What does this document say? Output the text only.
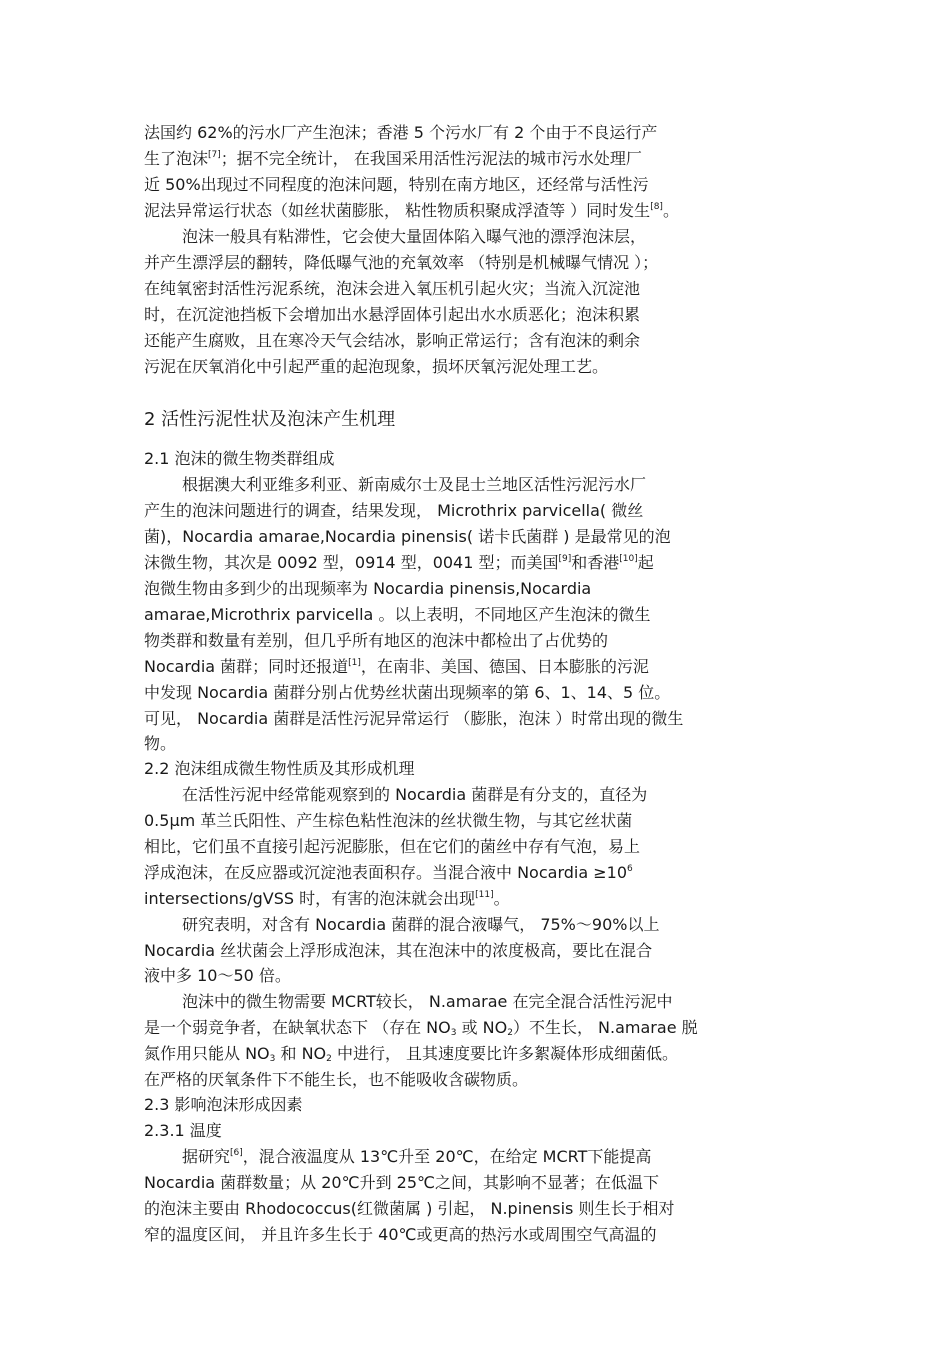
法国约 62%的污水厂产生泡沫；香港 5 个污水厂有 2 个由于不良运行产
生了泡沫[7]；据不完全统计， 在我国采用活性污泥法的城市污水处理厂
近 50%出现过不同程度的泡沫问题，特别在南方地区，还经常与活性污
泥法异常运行状态（如丝状菌膨胀， 粘性物质积聚成浮渣等 ）同时发生[8]。
泡沫一般具有粘滞性，它会使大量固体陷入曝气池的漂浮泡沫层，
并产生漂浮层的翻转，降低曝气池的充氧效率 （特别是机械曝气情况 ）；
在纯氧密封活性污泥系统，泡沫会进入氧压机引起火灾；当流入沉淀池
时，在沉淀池挡板下会增加出水悬浮固体引起出水水质恶化；泡沫积累
还能产生腐败，且在寒冷天气会结冰，影响正常运行；含有泡沫的剩余
污泥在厌氧消化中引起严重的起泡现象，损坏厌氧污泥处理工艺。
2 活性污泥性状及泡沫产生机理
2.1 泡沫的微生物类群组成
根据澳大利亚维多利亚、新南威尔士及昆士兰地区活性污泥污水厂
产生的泡沫问题进行的调查，结果发现， Microthrix parvicella( 微丝
菌)，Nocardia amarae,Nocardia pinensis( 诺卡氏菌群 ) 是最常见的泡
沫微生物，其次是 0092 型，0914 型，0041 型；而美国[9]和香港[10]起
泡微生物由多到少的出现频率为 Nocardia pinensis,Nocardia
amarae,Microthrix parvicella 。以上表明，不同地区产生泡沫的微生
物类群和数量有差别，但几乎所有地区的泡沫中都检出了占优势的
Nocardia 菌群；同时还报道[1]，在南非、美国、德国、日本膨胀的污泥
中发现 Nocardia 菌群分别占优势丝状菌出现频率的第 6、1、14、5 位。
可见， Nocardia 菌群是活性污泥异常运行 （膨胀，泡沫 ）时常出现的微生
物。
2.2 泡沫组成微生物性质及其形成机理
在活性污泥中经常能观察到的 Nocardia 菌群是有分支的，直径为
0.5μm 革兰氏阳性、产生棕色粘性泡沫的丝状微生物，与其它丝状菌
相比，它们虽不直接引起污泥膨胀，但在它们的菌丝中存有气泡，易上
浮成泡沫，在反应器或沉淀池表面积存。当混合液中 Nocardia $\ge 10^6$
intersections/gVSS 时，有害的泡沫就会出现[11]。
研究表明，对含有 Nocardia 菌群的混合液曝气， 75%～90%以上
Nocardia 丝状菌会上浮形成泡沫，其在泡沫中的浓度极高，要比在混合
液中多 10～50 倍。
泡沫中的微生物需要 MCRT较长， N.amarae 在完全混合活性污泥中
是一个弱竞争者，在缺氧状态下 （存在 $NO_3$ 或 $NO_2$）不生长， N.amarae 脱
氮作用只能从 $NO_3$ 和 $NO_2$ 中进行， 且其速度要比许多絮凝体形成细菌低。
在严格的厌氧条件下不能生长，也不能吸收含碳物质。
2.3 影响泡沫形成因素
2.3.1 温度
据研究[6]，混合液温度从 13℃升至 20℃，在给定 MCRT下能提高
Nocardia 菌群数量；从 20℃升到 25℃之间，其影响不显著；在低温下
的泡沫主要由 Rhodococcus(红微菌属 ) 引起， N.pinensis 则生长于相对
窄的温度区间， 并且许多生长于 40℃或更高的热污水或周围空气高温的
